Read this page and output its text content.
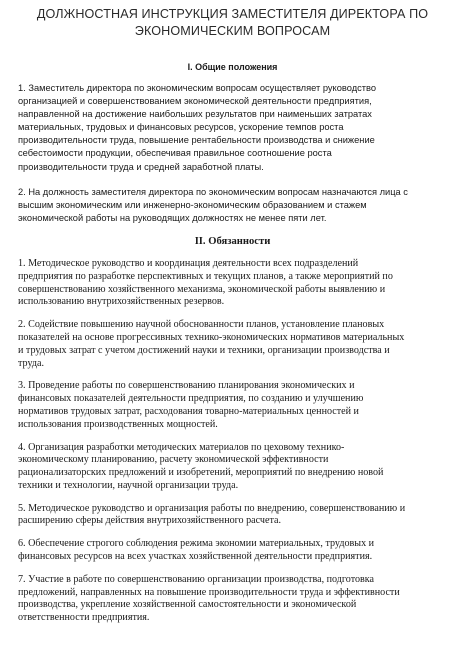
ДОЛЖНОСТНАЯ ИНСТРУКЦИЯ ЗАМЕСТИТЕЛЯ ДИРЕКТОРА ПО
ЭКОНОМИЧЕСКИМ ВОПРОСАМ
I. Общие положения
1. Заместитель директора по экономическим вопросам осуществляет руководство
организацией и совершенствованием экономической деятельности предприятия,
направленной на достижение наибольших результатов при наименьших затратах
материальных, трудовых и финансовых ресурсов, ускорение темпов роста
производительности труда, повышение рентабельности производства и снижение
себестоимости продукции, обеспечивая правильное соотношение роста
производительности труда и средней заработной платы.
2. На должность заместителя директора по экономическим вопросам назначаются лица с
высшим экономическим или инженерно-экономическим образованием и стажем
экономической работы на руководящих должностях не менее пяти лет.
II. Обязанности
1. Методическое руководство и координация деятельности всех подразделений
предприятия по разработке перспективных и текущих планов, а также мероприятий по
совершенствованию хозяйственного механизма, экономической работы выявлению и
использованию внутрихозяйственных резервов.
2. Содействие повышению научной обоснованности планов, установление плановых
показателей на основе прогрессивных технико-экономических нормативов материальных
и трудовых затрат с учетом достижений науки и техники, организации производства и
труда.
3. Проведение работы по совершенствованию планирования экономических и
финансовых показателей деятельности предприятия, по созданию и улучшению
нормативов трудовых затрат, расходования товарно-материальных ценностей и
использования производственных мощностей.
4. Организация разработки методических материалов по цеховому технико-
экономическому планированию, расчету экономической эффективности
рационализаторских предложений и изобретений, мероприятий по внедрению новой
техники и технологии, научной организации труда.
5. Методическое руководство и организация работы по внедрению, совершенствованию и
расширению сферы действия внутрихозяйственного расчета.
6. Обеспечение строгого соблюдения режима экономии материальных, трудовых и
финансовых ресурсов на всех участках хозяйственной деятельности предприятия.
7. Участие в работе по совершенствованию организации производства, подготовка
предложений, направленных на повышение производительности труда и эффективности
производства, укрепление хозяйственной самостоятельности и экономической
ответственности предприятия.
